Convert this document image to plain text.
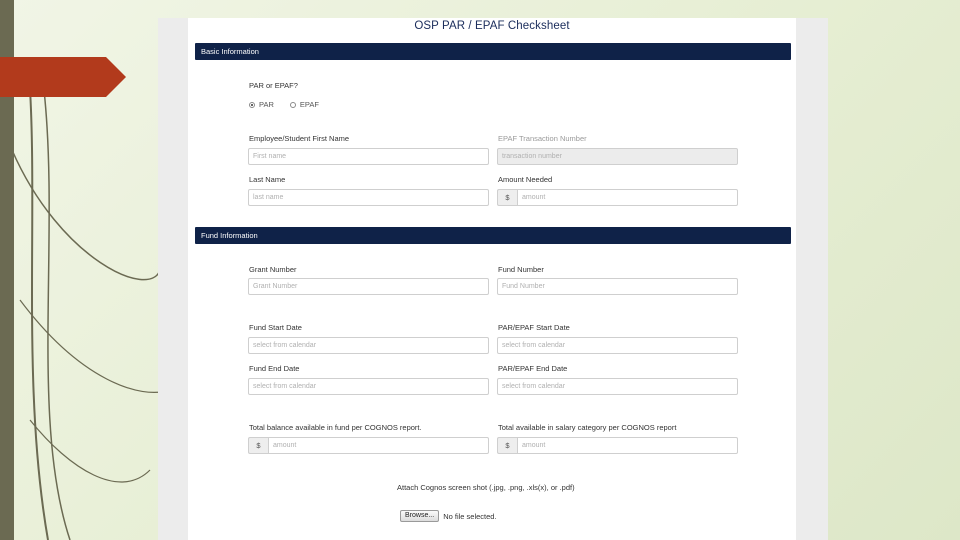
OSP PAR / EPAF Checksheet
Basic Information
PAR or EPAF?
PAR	EPAF
Employee/Student First Name
First name
EPAF Transaction Number
transaction number
Last Name
last name
Amount Needed
$	amount
Fund Information
Grant Number
Grant Number
Fund Number
Fund Number
Fund Start Date
select from calendar
PAR/EPAF Start Date
select from calendar
Fund End Date
select from calendar
PAR/EPAF End Date
select from calendar
Total balance available in fund per COGNOS report.
$	amount
Total available in salary category per COGNOS report
$	amount
Attach Cognos screen shot (.jpg, .png, .xls(x), or .pdf)
Browse...	No file selected.
